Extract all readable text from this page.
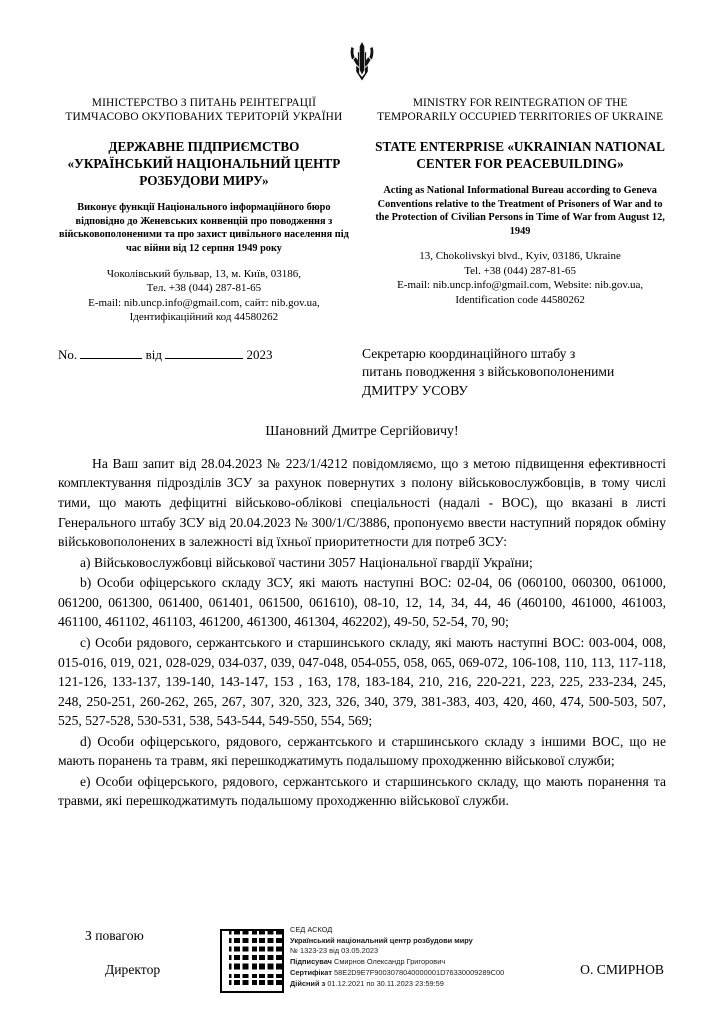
МІНІСТЕРСТВО З ПИТАНЬ РЕІНТЕГРАЦІЇ ТИМЧАСОВО ОКУПОВАНИХ ТЕРИТОРІЙ УКРАЇНИ
ДЕРЖАВНЕ ПІДПРИЄМСТВО «УКРАЇНСЬКИЙ НАЦІОНАЛЬНИЙ ЦЕНТР РОЗБУДОВИ МИРУ»
Виконує функції Національного інформаційного бюро відповідно до Женевських конвенцій про поводження з військовополоненими та про захист цивільного населення під час війни від 12 серпня 1949 року
Чоколівський бульвар, 13, м. Київ, 03186,
Тел. +38 (044) 287-81-65
E-mail: nib.uncp.info@gmail.com, сайт: nib.gov.ua,
Ідентифікаційний код 44580262
MINISTRY FOR REINTEGRATION OF THE TEMPORARILY OCCUPIED TERRITORIES OF UKRAINE
STATE ENTERPRISE «UKRAINIAN NATIONAL CENTER FOR PEACEBUILDING»
Acting as National Informational Bureau according to Geneva Conventions relative to the Treatment of Prisoners of War and to the Protection of Civilian Persons in Time of War from August 12, 1949
13, Chokolivskyi blvd., Kyiv, 03186, Ukraine
Tel. +38 (044) 287-81-65
E-mail: nib.uncp.info@gmail.com, Website: nib.gov.ua,
Identification code 44580262
No.	від	2023	Секретарю координаційного штабу з
питань поводження з військовополоненими
ДМИТРУ УСОВУ
Шановний Дмитре Сергійовичу!

На Ваш запит від 28.04.2023 № 223/1/4212 повідомляємо, що з метою підвищення ефективності комплектування підрозділів ЗСУ за рахунок повернутих з полону військовослужбовців, в тому числі тими, що мають дефіцитні військово-облікові спеціальності (надалі - ВОС), що вказані в листі Генерального штабу ЗСУ від 20.04.2023 № 300/1/С/3886, пропонуємо ввести наступний порядок обміну військовополонених в залежності від їхньої приоритетности для потреб ЗСУ:

а) Військовослужбовці військової частини 3057 Національної гвардії України;

b) Особи офіцерського складу ЗСУ, які мають наступні ВОС: 02-04, 06 (060100, 060300, 061000, 061200, 061300, 061400, 061401, 061500, 061610), 08-10, 12, 14, 34, 44, 46 (460100, 461000, 461003, 461100, 461102, 461103, 461200, 461300, 461304, 462202), 49-50, 52-54, 70, 90;

с) Особи рядового, сержантського и старшинського складу, які мають наступні ВОС: 003-004, 008, 015-016, 019, 021, 028-029, 034-037, 039, 047-048, 054-055, 058, 065, 069-072, 106-108, 110, 113, 117-118, 121-126, 133-137, 139-140, 143-147, 153 , 163, 178, 183-184, 210, 216, 220-221, 223, 225, 233-234, 245, 248, 250-251, 260-262, 265, 267, 307, 320, 323, 326, 340, 379, 381-383, 403, 420, 460, 474, 500-503, 507, 525, 527-528, 530-531, 538, 543-544, 549-550, 554, 569;

d) Особи офіцерського, рядового, сержантського и старшинського складу з іншими ВОС, що не мають поранень та травм, які перешкоджатимуть подальшому проходженню військової служби;

е) Особи офіцерського, рядового, сержантського и старшинського складу, що мають поранення та травми, які перешкоджатимуть подальшому проходженню військової служби.

З повагою
Директор	О. СМИРНОВ
СЕД АСКОД
Український національний центр розбудови миру
№ 1323-23 від 03.05.2023
Підписувач Смирнов Олександр Григорович
Сертифікат 58E2D9E7F9003078040000001D76330009289C00
Дійсний з 01.12.2021 по 30.11.2023 23:59:59
